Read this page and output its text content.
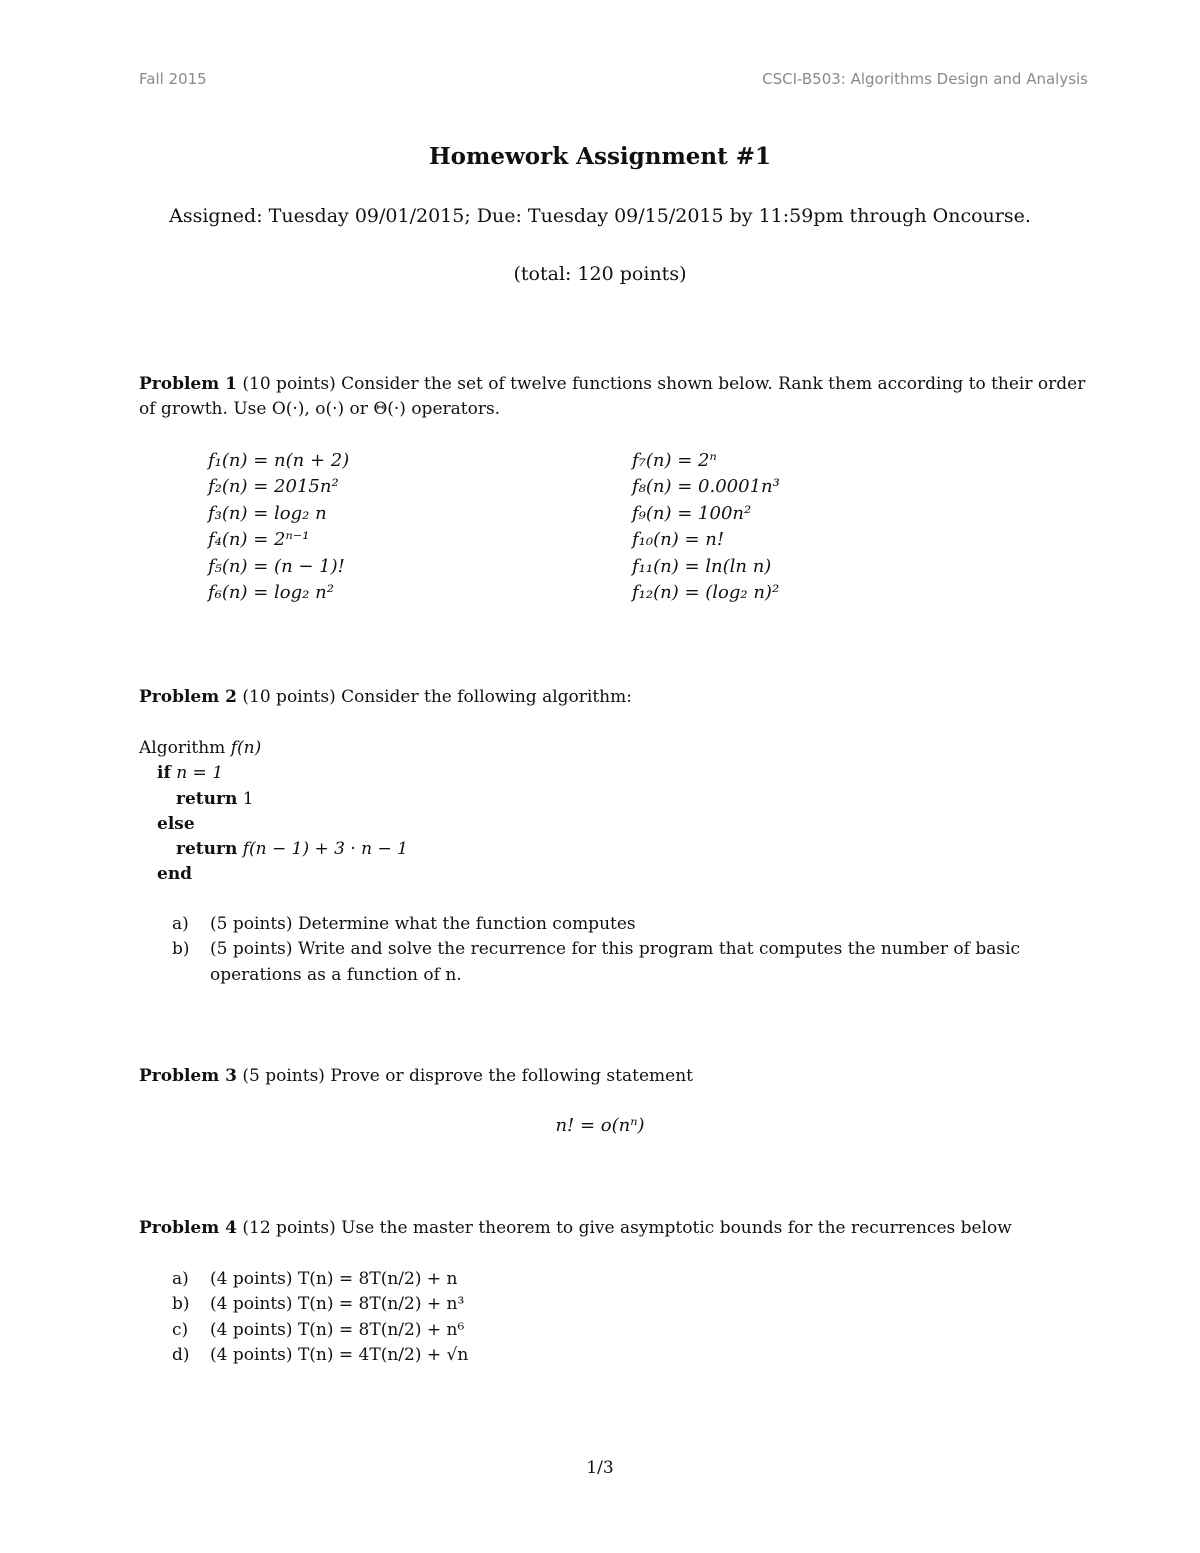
Fall 2015	CSCI-B503: Algorithms Design and Analysis
Homework Assignment #1
Assigned: Tuesday 09/01/2015; Due: Tuesday 09/15/2015 by 11:59pm through Oncourse.
(total: 120 points)
Problem 1 (10 points) Consider the set of twelve functions shown below. Rank them according to their order of growth. Use O(·), o(·) or Θ(·) operators.
f₁(n) = n(n + 2)
f₂(n) = 2015n²
f₃(n) = log₂ n
f₄(n) = 2ⁿ⁻¹
f₅(n) = (n − 1)!
f₆(n) = log₂ n²
f₇(n) = 2ⁿ
f₈(n) = 0.0001n³
f₉(n) = 100n²
f₁₀(n) = n!
f₁₁(n) = ln(ln n)
f₁₂(n) = (log₂ n)²
Problem 2 (10 points) Consider the following algorithm:
Algorithm f(n)
if n = 1
return 1
else
return f(n − 1) + 3 · n − 1
end
a)	(5 points) Determine what the function computes
b)	(5 points) Write and solve the recurrence for this program that computes the number of basic operations as a function of n.
Problem 3 (5 points) Prove or disprove the following statement
n! = o(nⁿ)
Problem 4 (12 points) Use the master theorem to give asymptotic bounds for the recurrences below
a)	(4 points) T(n) = 8T(n/2) + n
b)	(4 points) T(n) = 8T(n/2) + n³
c)	(4 points) T(n) = 8T(n/2) + n⁶
d)	(4 points) T(n) = 4T(n/2) + √n
1/3
